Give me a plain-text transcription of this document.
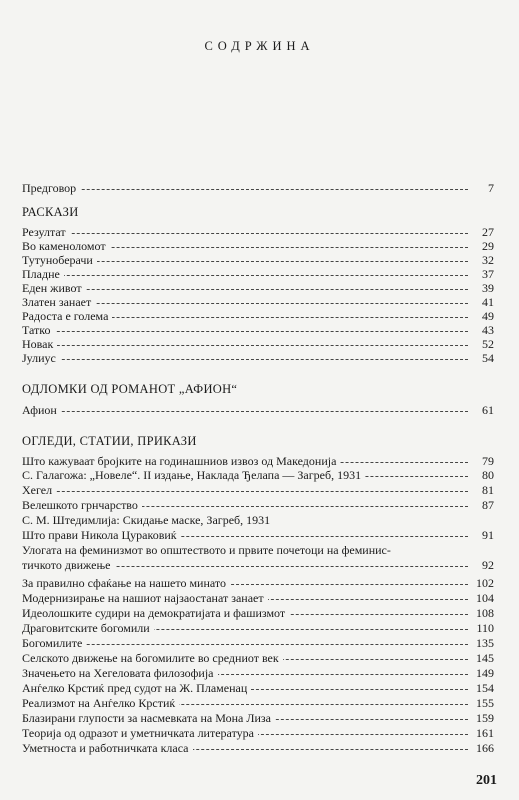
СОДРЖИНА
Предговор	7
РАСКАЗИ
Резултат	27
Во каменоломот	29
Тутуноберачи	32
Пладне	37
Еден живот	39
Златен занает	41
Радоста е голема	49
Татко	43
Новак	52
Јулиус	54
ОДЛОМКИ ОД РОМАНОТ „АФИОН“
Афион	61
ОГЛЕДИ, СТАТИИ, ПРИКАЗИ
Што кажуваат бројките на годинашниов извоз од Македонија	79
С. Галагожа: „Новеле“. II издање, Наклада Ђелапа — Загреб, 1931	80
Хегел	81
Велешкото грнчарство	87
С. М. Штедимлија: Скидање маске, Загреб, 1931
Што прави Никола Цураковиќ	91
Улогата на феминизмот во општеството и првите почетоци на феминис-
тичкото движење	92
За правилно сфаќање на нашето минато	102
Модернизирање на нашиот најзаостанат занает	104
Идеолошките судири на демократијата и фашизмот	108
Драговитските богомили	110
Богомилите	135
Селското движење на богомилите во средниот век	145
Значењето на Хегеловата филозофија	149
Анѓелко Крстиќ пред судот на Ж. Пламенац	154
Реализмот на Анѓелко Крстиќ	155
Блазирани глупости за насмевката на Мона Лиза	159
Теорија од одразот и уметничката литература	161
Уметноста и работничката класа	166
201
